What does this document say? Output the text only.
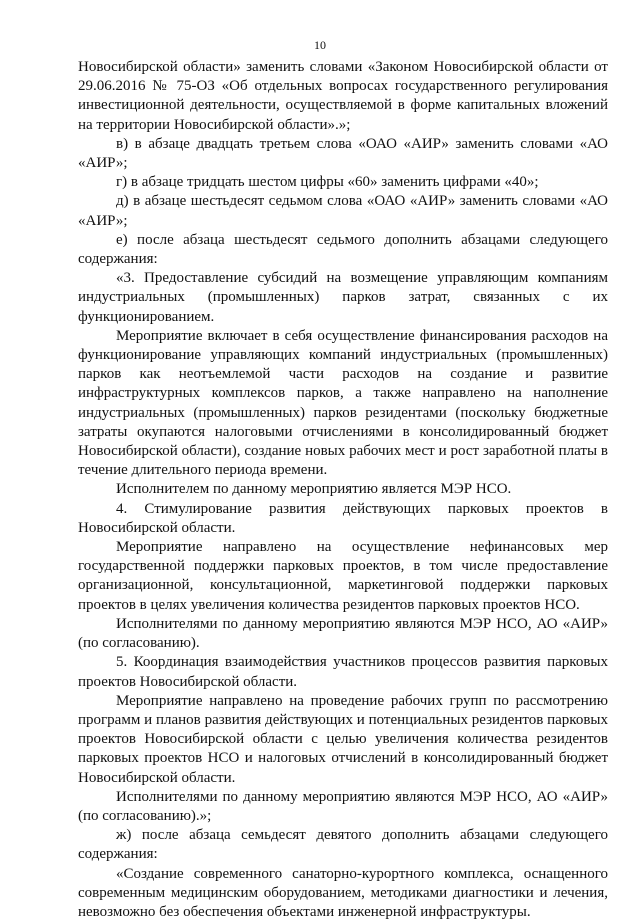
10

Новосибирской области» заменить словами «Законом Новосибирской области от 29.06.2016 № 75-ОЗ «Об отдельных вопросах государственного регулирования инвестиционной деятельности, осуществляемой в форме капитальных вложений на территории Новосибирской области».»;

в) в абзаце двадцать третьем слова «ОАО «АИР» заменить словами «АО «АИР»;

г) в абзаце тридцать шестом цифры «60» заменить цифрами «40»;

д) в абзаце шестьдесят седьмом слова «ОАО «АИР» заменить словами «АО «АИР»;

е) после абзаца шестьдесят седьмого дополнить абзацами следующего содержания:

«3. Предоставление субсидий на возмещение управляющим компаниям индустриальных (промышленных) парков затрат, связанных с их функционированием.

Мероприятие включает в себя осуществление финансирования расходов на функционирование управляющих компаний индустриальных (промышленных) парков как неотъемлемой части расходов на создание и развитие инфраструктурных комплексов парков, а также направлено на наполнение индустриальных (промышленных) парков резидентами (поскольку бюджетные затраты окупаются налоговыми отчислениями в консолидированный бюджет Новосибирской области), создание новых рабочих мест и рост заработной платы в течение длительного периода времени.

Исполнителем по данному мероприятию является МЭР НСО.

4. Стимулирование развития действующих парковых проектов в Новосибирской области.

Мероприятие направлено на осуществление нефинансовых мер государственной поддержки парковых проектов, в том числе предоставление организационной, консультационной, маркетинговой поддержки парковых проектов в целях увеличения количества резидентов парковых проектов НСО.

Исполнителями по данному мероприятию являются МЭР НСО, АО «АИР» (по согласованию).

5. Координация взаимодействия участников процессов развития парковых проектов Новосибирской области.

Мероприятие направлено на проведение рабочих групп по рассмотрению программ и планов развития действующих и потенциальных резидентов парковых проектов Новосибирской области с целью увеличения количества резидентов парковых проектов НСО и налоговых отчислений в консолидированный бюджет Новосибирской области.

Исполнителями по данному мероприятию являются МЭР НСО, АО «АИР» (по согласованию).»;

ж) после абзаца семьдесят девятого дополнить абзацами следующего содержания:

«Создание современного санаторно-курортного комплекса, оснащенного современным медицинским оборудованием, методиками диагностики и лечения, невозможно без обеспечения объектами инженерной инфраструктуры.
